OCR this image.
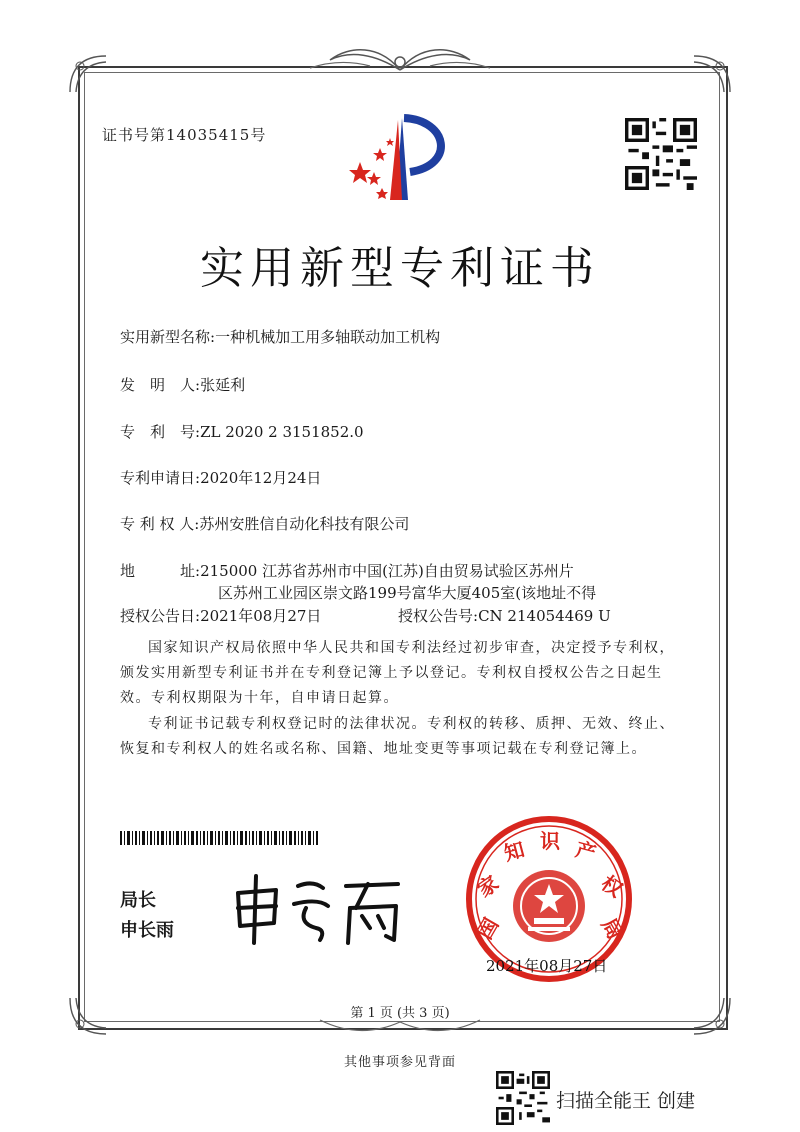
证书号第14035415号
实用新型专利证书
实用新型名称:一种机械加工用多轴联动加工机构
发　明　人:张延利
专　利　号:ZL 2020 2 3151852.0
专利申请日:2020年12月24日
专 利 权 人:苏州安胜信自动化科技有限公司
地　　　址:215000 江苏省苏州市中国(江苏)自由贸易试验区苏州片
区苏州工业园区崇文路199号富华大厦405室(该地址不得
授权公告日:2021年08月27日	授权公告号:CN 214054469 U
国家知识产权局依照中华人民共和国专利法经过初步审查，决定授予专利权，颁发实用新型专利证书并在专利登记簿上予以登记。专利权自授权公告之日起生效。专利权期限为十年，自申请日起算。
专利证书记载专利权登记时的法律状况。专利权的转移、质押、无效、终止、恢复和专利权人的姓名或名称、国籍、地址变更等事项记载在专利登记簿上。
局长
申长雨	国
家
知 识 产
权
局
2021年08月27日
第 1 页 (共 3 页)
其他事项参见背面
扫描全能王 创建
